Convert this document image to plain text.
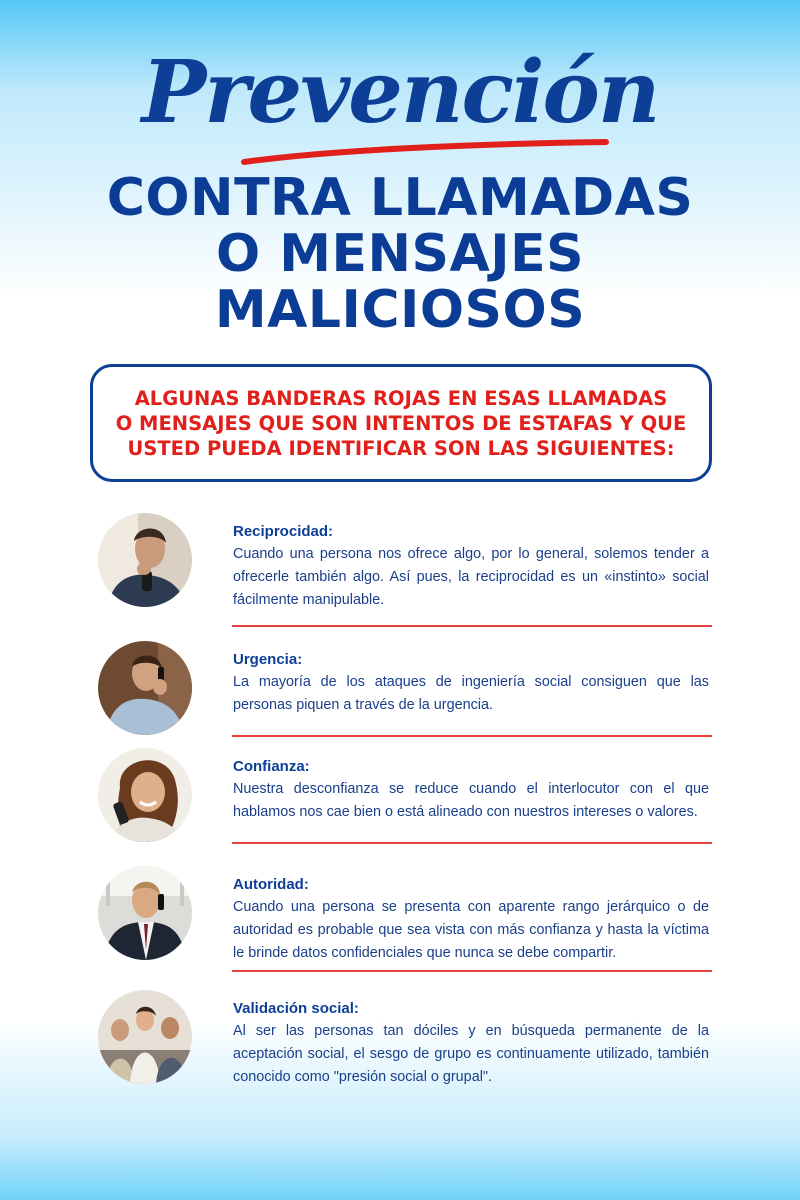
Prevención
CONTRA LLAMADAS
O MENSAJES
MALICIOSOS
ALGUNAS BANDERAS ROJAS EN ESAS LLAMADAS
O MENSAJES QUE SON INTENTOS DE ESTAFAS Y QUE
USTED PUEDA IDENTIFICAR SON LAS SIGUIENTES:

Reciprocidad:

Cuando una persona nos ofrece algo, por lo general, solemos tender a ofrecerle también algo. Así pues, la reciprocidad es un «instinto» social fácilmente manipulable.

Urgencia:

La mayoría de los ataques de ingeniería social consiguen que las personas piquen a través de la urgencia.

Confianza:

Nuestra desconfianza se reduce cuando el interlocutor con el que hablamos nos cae bien o está alineado con nuestros intereses o valores.

Autoridad:

Cuando una persona se presenta con aparente rango jerárquico o de autoridad es probable que sea vista con más confianza y hasta la víctima le brinde datos confidenciales que nunca se debe compartir.

Validación social:

Al ser las personas tan dóciles y en búsqueda permanente de la aceptación social, el sesgo de grupo es continuamente utilizado, también conocido como "presión social o grupal".
